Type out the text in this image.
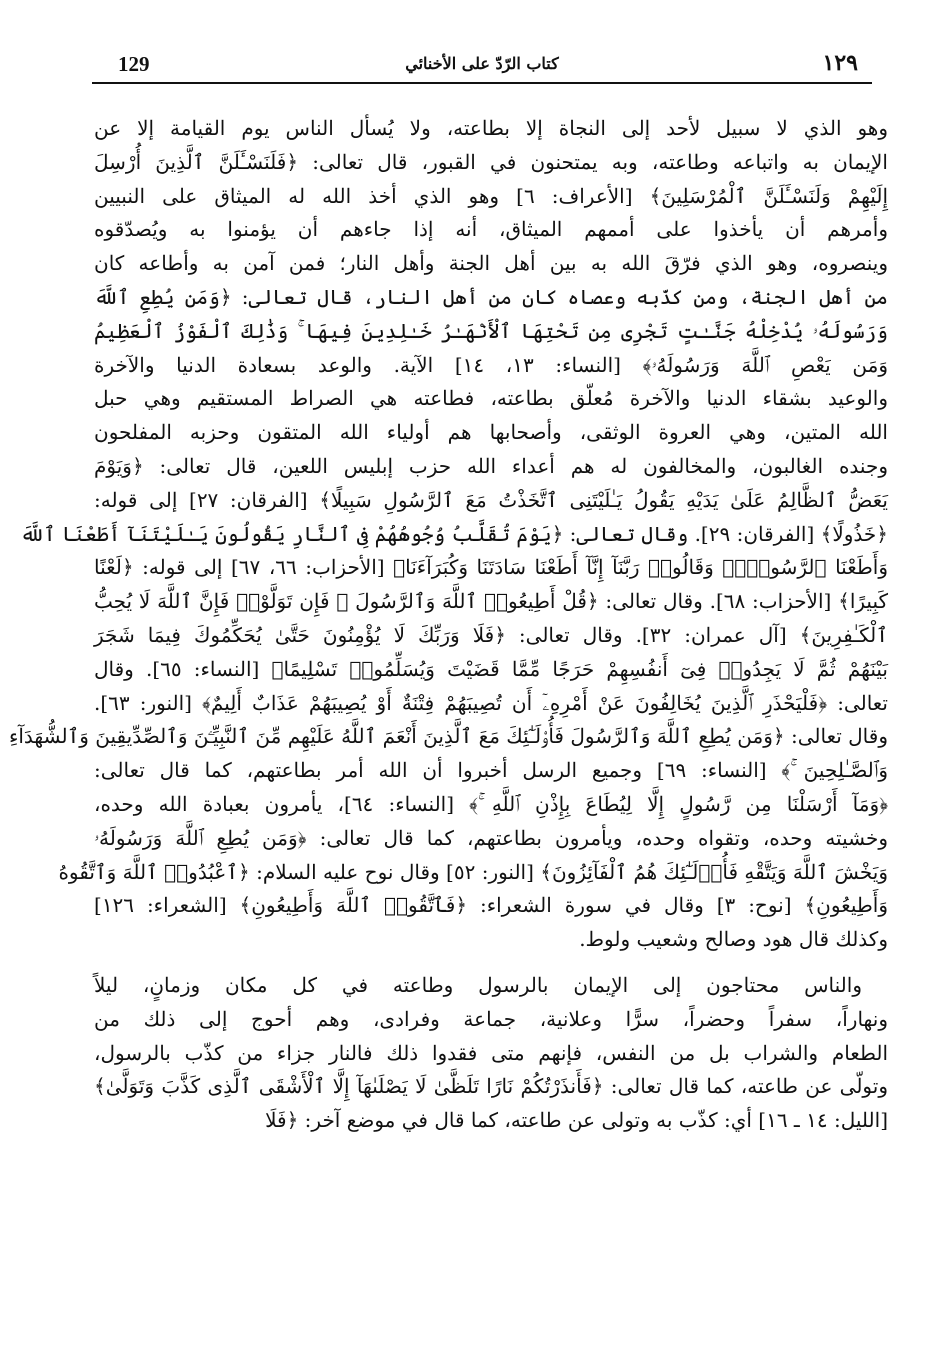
129	كتاب الرّدّ على الأخنائي	١٢٩
وهو الذي لا سبيل لأحد إلى النجاة إلا بطاعته، ولا يُسأل الناس يوم القيامة إلا عن
الإيمان به واتباعه وطاعته، وبه يمتحنون في القبور، قال تعالى: ﴿فَلَنَسْـَٔلَنَّ ٱلَّذِينَ أُرْسِلَ
إِلَيْهِمْ وَلَنَسْـَٔلَنَّ ٱلْمُرْسَلِينَ﴾ [الأعراف: ٦] وهو الذي أخذ الله له الميثاق على النبيين
وأمرهم أن يأخذوا على أممهم الميثاق، أنه إذا جاءهم أن يؤمنوا به ويُصدّقوه
وينصروه، وهو الذي فرّقَ الله به بين أهل الجنة وأهل النار؛ فمن آمن به وأطاعه كان
من أهل الجنة، ومن كذّبه وعصاه كان من أهل النار، قال تعالى: ﴿وَمَن يُطِعِ ٱللَّهَ
وَرَسُولَهُۥ يُدْخِلْهُ جَنَّـٰتٍ تَجْرِى مِن تَحْتِهَا ٱلْأَنْهَـٰرُ خَـٰلِدِينَ فِيهَا ۚ وَذَٰلِكَ ٱلْفَوْزُ ٱلْعَظِيمُ
وَمَن يَعْصِ ٱللَّهَ وَرَسُولَهُۥ﴾ [النساء: ١٣، ١٤] الآية. والوعد بسعادة الدنيا والآخرة
والوعيد بشقاء الدنيا والآخرة مُعلّق بطاعته، فطاعته هي الصراط المستقيم وهي حبل
الله المتين، وهي العروة الوثقى، وأصحابها هم أولياء الله المتقون وحزبه المفلحون
وجنده الغالبون، والمخالفون له هم أعداء الله حزب إبليس اللعين، قال تعالى: ﴿وَيَوْمَ
يَعَضُّ ٱلظَّالِمُ عَلَىٰ يَدَيْهِ يَقُولُ يَـٰلَيْتَنِى ٱتَّخَذْتُ مَعَ ٱلرَّسُولِ سَبِيلًا﴾ [الفرقان: ٢٧] إلى قوله:
﴿خَذُولًا﴾ [الفرقان: ٢٩]. وقال تعالى: ﴿يَوْمَ تُقَلَّبُ وُجُوهُهُمْ فِى ٱلنَّارِ يَقُولُونَ يَـٰلَيْتَنَآ أَطَعْنَا ٱللَّهَ
وَأَطَعْنَا ٱلرَّسُولَا۠ وَقَالُوا۟ رَبَّنَآ إِنَّآ أَطَعْنَا سَادَتَنَا وَكُبَرَآءَنَا﴾ [الأحزاب: ٦٦، ٦٧] إلى قوله: ﴿لَعْنًا
كَبِيرًا﴾ [الأحزاب: ٦٨]. وقال تعالى: ﴿قُلْ أَطِيعُوا۟ ٱللَّهَ وَٱلرَّسُولَ ۖ فَإِن تَوَلَّوْا۟ فَإِنَّ ٱللَّهَ لَا يُحِبُّ
ٱلْكَـٰفِرِينَ﴾ [آل عمران: ٣٢]. وقال تعالى: ﴿فَلَا وَرَبِّكَ لَا يُؤْمِنُونَ حَتَّىٰ يُحَكِّمُوكَ فِيمَا شَجَرَ
بَيْنَهُمْ ثُمَّ لَا يَجِدُوا۟ فِىٓ أَنفُسِهِمْ حَرَجًا مِّمَّا قَضَيْتَ وَيُسَلِّمُوا۟ تَسْلِيمًا﴾ [النساء: ٦٥]. وقال
تعالى: ﴿فَلْيَحْذَرِ ٱلَّذِينَ يُخَالِفُونَ عَنْ أَمْرِهِۦٓ أَن تُصِيبَهُمْ فِتْنَةٌ أَوْ يُصِيبَهُمْ عَذَابٌ أَلِيمٌ﴾ [النور: ٦٣].
وقال تعالى: ﴿وَمَن يُطِعِ ٱللَّهَ وَٱلرَّسُولَ فَأُو۟لَـٰٓئِكَ مَعَ ٱلَّذِينَ أَنْعَمَ ٱللَّهُ عَلَيْهِم مِّنَ ٱلنَّبِيِّـۧنَ وَٱلصِّدِّيقِينَ وَٱلشُّهَدَآءِ
وَٱلصَّـٰلِحِينَ ۚ﴾ [النساء: ٦٩] وجميع الرسل أخبروا أن الله أمر بطاعتهم، كما قال تعالى:
﴿وَمَآ أَرْسَلْنَا مِن رَّسُولٍ إِلَّا لِيُطَاعَ بِإِذْنِ ٱللَّهِ ۚ﴾ [النساء: ٦٤]، يأمرون بعبادة الله وحده،
وخشيته وحده، وتقواه وحده، ويأمرون بطاعتهم، كما قال تعالى: ﴿وَمَن يُطِعِ ٱللَّهَ وَرَسُولَهُۥ
وَيَخْشَ ٱللَّهَ وَيَتَّقْهِ فَأُو۟لَـٰٓئِكَ هُمُ ٱلْفَآئِزُونَ﴾ [النور: ٥٢] وقال نوح عليه السلام: ﴿ٱعْبُدُوا۟ ٱللَّهَ وَٱتَّقُوهُ
وَأَطِيعُونِ﴾ [نوح: ٣] وقال في سورة الشعراء: ﴿فَٱتَّقُوا۟ ٱللَّهَ وَأَطِيعُونِ﴾ [الشعراء: ١٢٦]
وكذلك قال هود وصالح وشعيب ولوط.
والناس محتاجون إلى الإيمان بالرسول وطاعته في كل مكان وزمانٍ، ليلاً
ونهاراً، سفراً وحضراً، سرًّا وعلانية، جماعة وفرادى، وهم أحوج إلى ذلك من
الطعام والشراب بل من النفس، فإنهم متى فقدوا ذلك فالنار جزاء من كذّب بالرسول،
وتولّى عن طاعته، كما قال تعالى: ﴿فَأَنذَرْتُكُمْ نَارًا تَلَظَّىٰ لَا يَصْلَىٰهَآ إِلَّا ٱلْأَشْقَى ٱلَّذِى كَذَّبَ وَتَوَلَّىٰ﴾
[الليل: ١٤ ـ ١٦] أي: كذّب به وتولى عن طاعته، كما قال في موضع آخر: ﴿فَلَا
